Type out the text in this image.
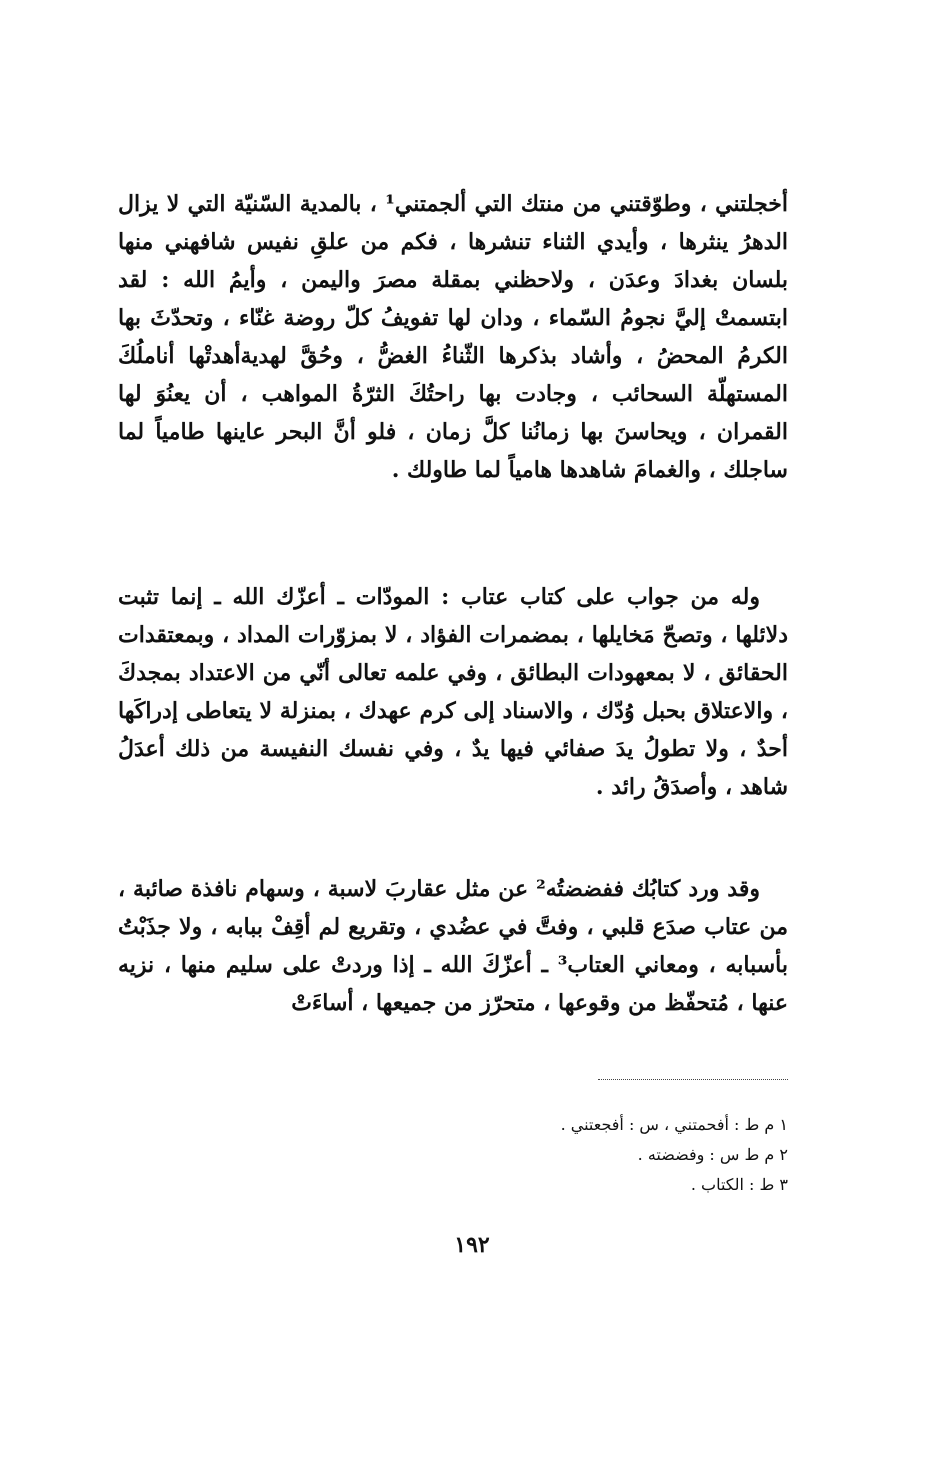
أخجلتني ، وطوّقتني من منتك التي ألجمتني¹ ، بالمدية السّنيّة التي لا يزال الدهرُ ينثرها ، وأيدي الثناء تنشرها ، فكم من علقِ نفيس شافهني منها بلسان بغدادَ وعدَن ، ولاحظني بمقلة مصرَ واليمن ، وأيمُ الله : لقد ابتسمتْ إليَّ نجومُ السّماء ، ودان لها تفويفُ كلّ روضة غنّاء ، وتحدّثَ بها الكرمُ المحضُ ، وأشاد بذكرها الثّناءُ الغضُّ ، وحُقَّ لهديةأهدتْها أناملُكَ المستهلّة السحائب ، وجادت بها راحتُكَ الثرّةُ المواهب ، أن يعنُوَ لها القمران ، ويحاسنَ بها زمانُنا كلَّ زمان ، فلو أنَّ البحر عاينها طامياً لما ساجلك ، والغمامَ شاهدها هامياً لما طاولك .

وله من جواب على كتاب عتاب : المودّات ـ أعزّك الله ـ إنما تثبت دلائلها ، وتصحّ مَخايلها ، بمضمرات الفؤاد ، لا بمزوّرات المداد ، وبمعتقدات الحقائق ، لا بمعهودات البطائق ، وفي علمه تعالى أنّي من الاعتداد بمجدكَ ، والاعتلاق بحبل وُدّك ، والاسناد إلى كرم عهدك ، بمنزلة لا يتعاطى إدراكَها أحدٌ ، ولا تطولُ يدَ صفائي فيها يدٌ ، وفي نفسك النفيسة من ذلك أعدَلُ شاهد ، وأصدَقُ رائد .

وقد ورد كتابُك ففضضتُه² عن مثل عقاربَ لاسبة ، وسهام نافذة صائبة ، من عتاب صدَع قلبي ، وفتَّ في عضُدي ، وتقريع لم أقِفْ ببابه ، ولا جذَبْتُ بأسبابه ، ومعاني العتاب³ ـ أعزّكَ الله ـ إذا وردتْ على سليم منها ، نزيه عنها ، مُتحفّظ من وقوعها ، متحرّز من جميعها ، أساءَتْ

١ م ط : أفحمتني ، س : أفجعتني .
٢ م ط س : وفضضته .
٣ ط : الكتاب .
١٩٢
